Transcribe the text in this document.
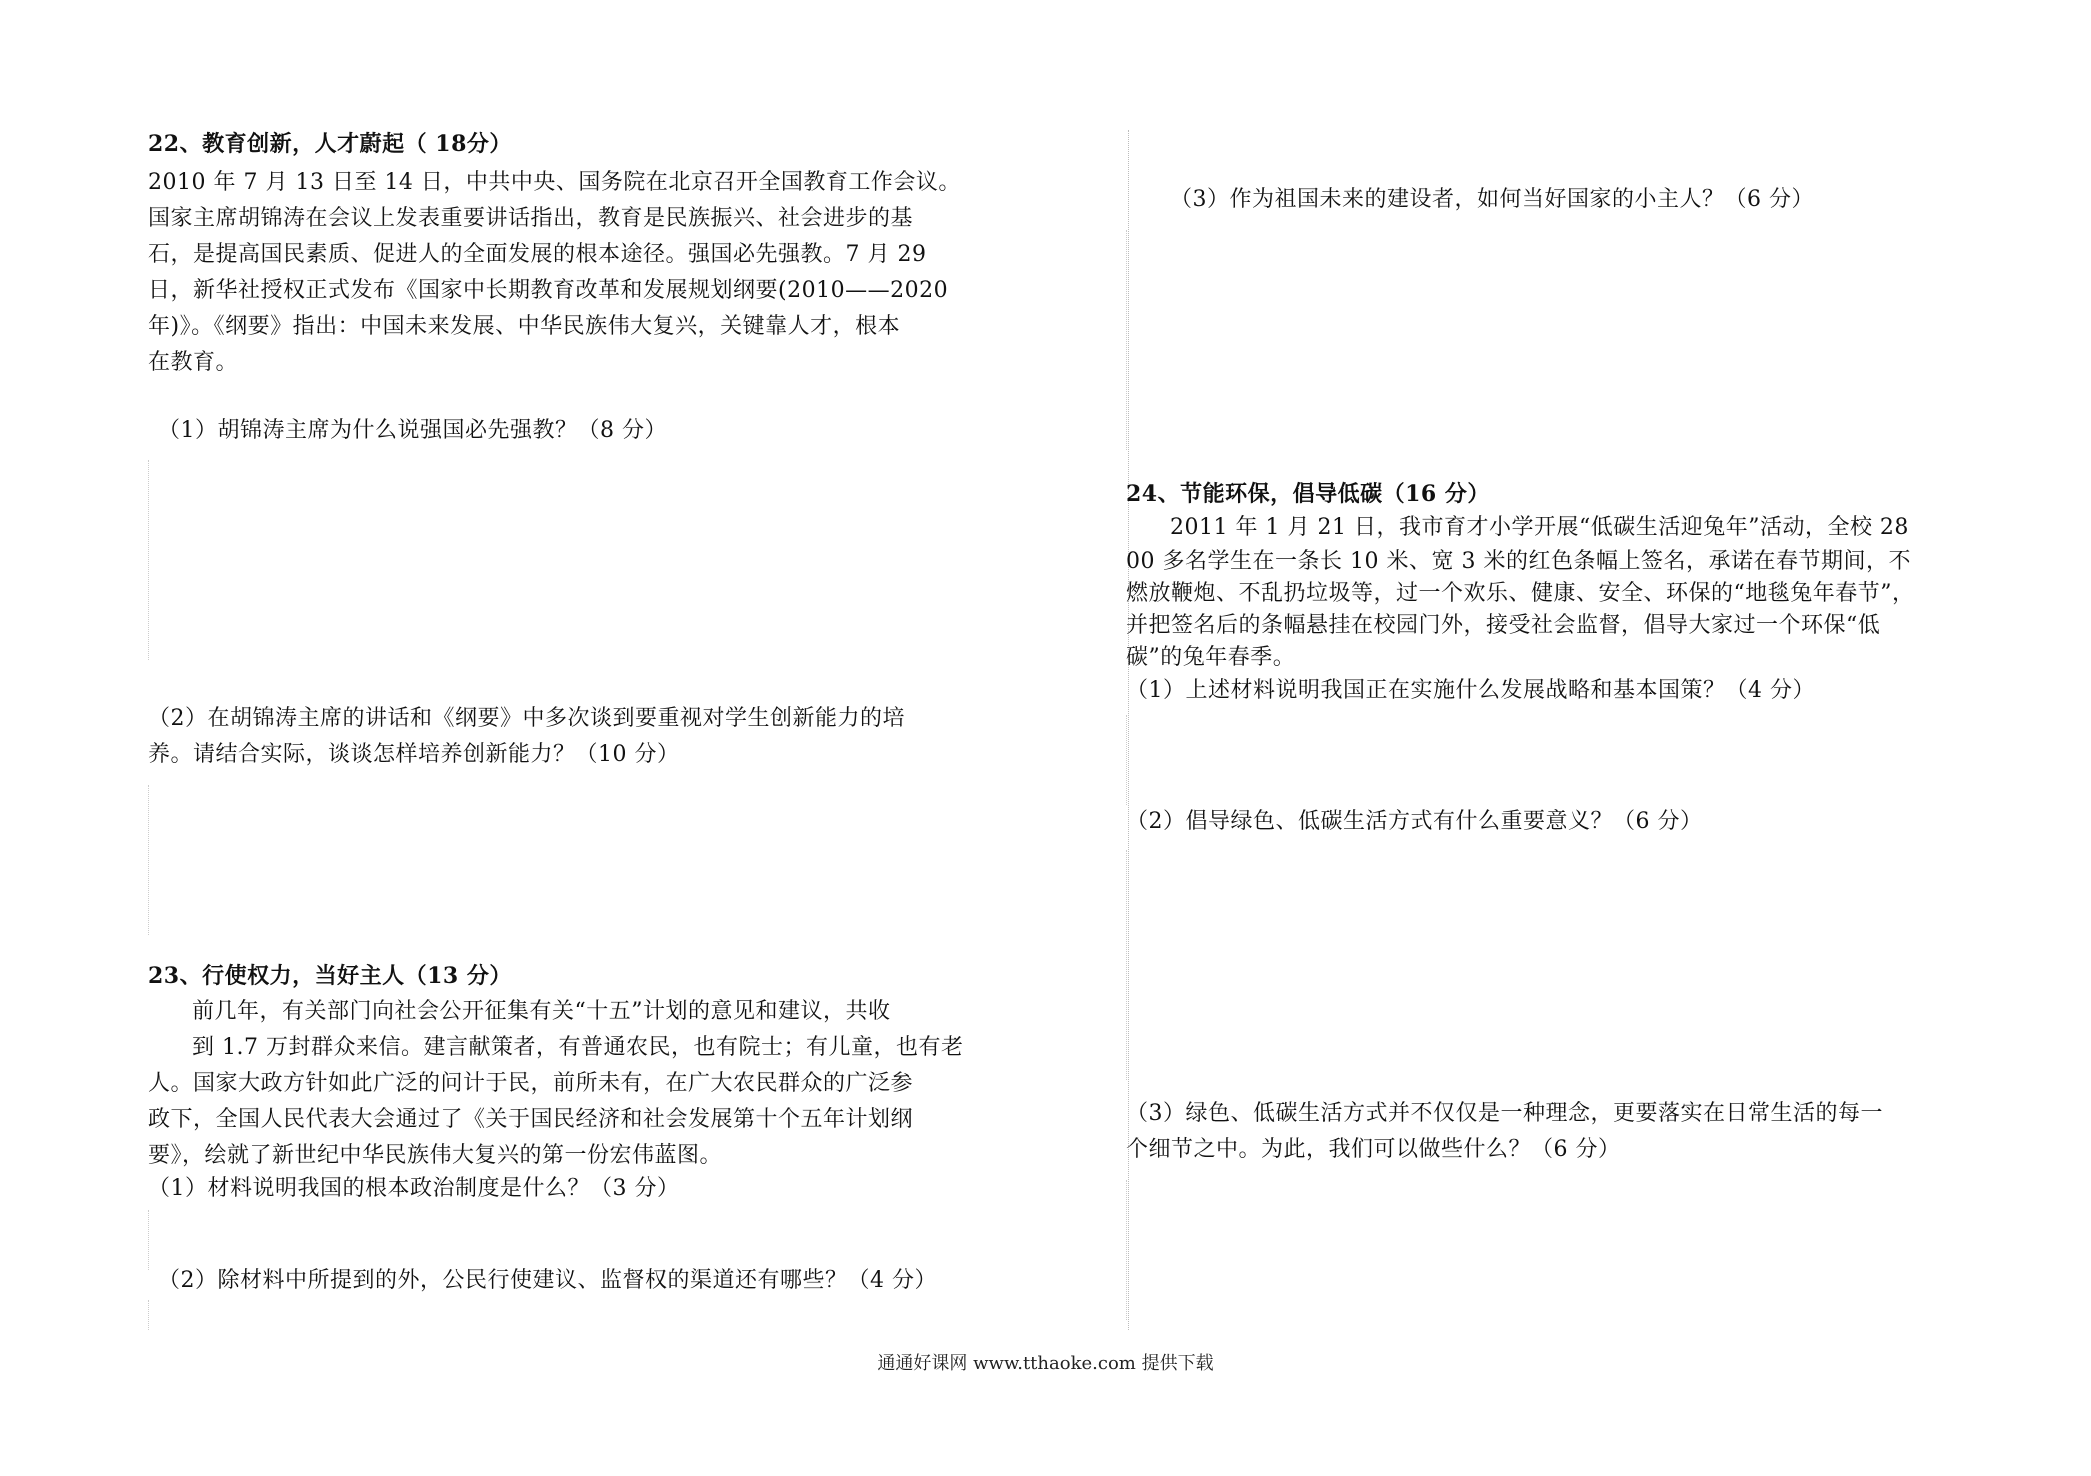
22、教育创新，人才蔚起（ 18分）
2010 年 7 月 13 日至 14 日，中共中央、国务院在北京召开全国教育工作会议。
国家主席胡锦涛在会议上发表重要讲话指出，教育是民族振兴、社会进步的基
石，是提高国民素质、促进人的全面发展的根本途径。强国必先强教。7 月 29
日，新华社授权正式发布《国家中长期教育改革和发展规划纲要(2010——2020
年)》。《纲要》指出：中国未来发展、中华民族伟大复兴，关键靠人才，根本
在教育。
（1）胡锦涛主席为什么说强国必先强教？（8 分）
（2）在胡锦涛主席的讲话和《纲要》中多次谈到要重视对学生创新能力的培
养。请结合实际，谈谈怎样培养创新能力？（10 分）
23、行使权力，当好主人（13 分）
前几年，有关部门向社会公开征集有关“十五”计划的意见和建议，共收
到 1.7 万封群众来信。建言献策者，有普通农民，也有院士；有儿童，也有老
人。国家大政方针如此广泛的问计于民，前所未有，在广大农民群众的广泛参
政下，全国人民代表大会通过了《关于国民经济和社会发展第十个五年计划纲
要》，绘就了新世纪中华民族伟大复兴的第一份宏伟蓝图。
（1）材料说明我国的根本政治制度是什么？（3 分）
（2）除材料中所提到的外，公民行使建议、监督权的渠道还有哪些？（4 分）
（3）作为祖国未来的建设者，如何当好国家的小主人？（6 分）
24、节能环保，倡导低碳（16 分）
2011 年 1 月 21 日，我市育才小学开展“低碳生活迎兔年”活动，全校 28
00 多名学生在一条长 10 米、宽 3 米的红色条幅上签名，承诺在春节期间，不
燃放鞭炮、不乱扔垃圾等，过一个欢乐、健康、安全、环保的“地毯兔年春节”，
并把签名后的条幅悬挂在校园门外，接受社会监督，倡导大家过一个环保“低
碳”的兔年春季。
（1）上述材料说明我国正在实施什么发展战略和基本国策？（4 分）
（2）倡导绿色、低碳生活方式有什么重要意义？（6 分）
（3）绿色、低碳生活方式并不仅仅是一种理念，更要落实在日常生活的每一
个细节之中。为此，我们可以做些什么？（6 分）
通通好课网 www.tthaoke.com 提供下载
